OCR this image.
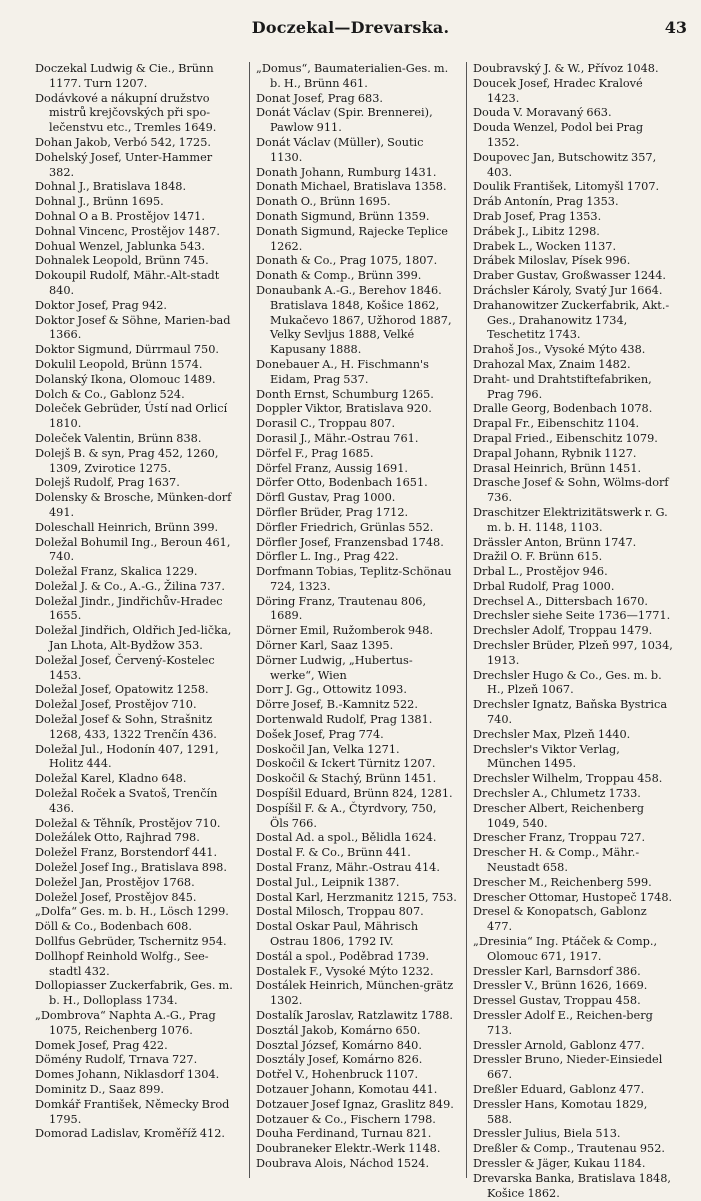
Doczekal—Drevarska.	43

Doczekal Ludwig & Cie., Brünn 1177. Turn 1207.

Dodávkové a nákupní družstvo mistrů krejčovských při spo-lečenstvu etc., Tremles 1649.

Dohan Jakob, Verbó 542, 1725.

Dohelský Josef, Unter-Hammer 382.

Dohnal J., Bratislava 1848.

Dohnal J., Brünn 1695.

Dohnal O a B. Prostějov 1471.

Dohnal Vincenc, Prostějov 1487.

Dohual Wenzel, Jablunka 543.

Dohnalek Leopold, Brünn 745.

Dokoupil Rudolf, Mähr.-Alt-stadt 840.

Doktor Josef, Prag 942.

Doktor Josef & Söhne, Marien-bad 1366.

Doktor Sigmund, Dürrmaul 750.

Dokulil Leopold, Brünn 1574.

Dolanský Ikona, Olomouc 1489.

Dolch & Co., Gablonz 524.

Doleček Gebrüder, Ústí nad Orlicí 1810.

Doleček Valentin, Brünn 838.

Dolejš B. & syn, Prag 452, 1260, 1309, Zvirotice 1275.

Dolejš Rudolf, Prag 1637.

Dolensky & Brosche, Münken-dorf 491.

Doleschall Heinrich, Brünn 399.

Doležal Bohumil Ing., Beroun 461, 740.

Doležal Franz, Skalica 1229.

Doležal J. & Co., A.-G., Žilina 737.

Doležal Jindr., Jindřichův-Hradec 1655.

Doležal Jindřich, Oldřich Jed-lička, Jan Lhota, Alt-Bydžow 353.

Doležal Josef, Červený-Kostelec 1453.

Doležal Josef, Opatowitz 1258.

Doležal Josef, Prostějov 710.

Doležal Josef & Sohn, Strašnitz 1268, 433, 1322 Trenčín 436.

Doležal Jul., Hodonín 407, 1291, Holitz 444.

Doležal Karel, Kladno 648.

Doležal Roček a Svatoš, Trenčín 436.

Doležal & Těhník, Prostějov 710.

Doležálek Otto, Rajhrad 798.

Doležel Franz, Borstendorf 441.

Doležel Josef Ing., Bratislava 898.

Doležel Jan, Prostějov 1768.

Doležel Josef, Prostějov 845.

„Dolfa“ Ges. m. b. H., Lösch 1299.

Döll & Co., Bodenbach 608.

Dollfus Gebrüder, Tschernitz 954.

Dollhopf Reinhold Wolfg., See-stadtl 432.

Dollopiasser Zuckerfabrik, Ges. m. b. H., Dolloplass 1734.

„Dombrova“ Naphta A.-G., Prag 1075, Reichenberg 1076.

Domek Josef, Prag 422.

Dömény Rudolf, Trnava 727.

Domes Johann, Niklasdorf 1304.

Dominitz D., Saaz 899.

Domkář František, Německy Brod 1795.

Domorad Ladislav, Kroměříž 412.

„Domus“, Baumaterialien-Ges. m. b. H., Brünn 461.

Donat Josef, Prag 683.

Donát Václav (Spir. Brennerei), Pawlow 911.

Donát Václav (Müller), Soutic 1130.

Donath Johann, Rumburg 1431.

Donath Michael, Bratislava 1358.

Donath O., Brünn 1695.

Donath Sigmund, Brünn 1359.

Donath Sigmund, Rajecke Teplice 1262.

Donath & Co., Prag 1075, 1807.

Donath & Comp., Brünn 399.

Donaubank A.-G., Berehov 1846. Bratislava 1848, Košice 1862, Mukačevo 1867, Užhorod 1887, Velky Sevljus 1888, Velké Kapusany 1888.

Donebauer A., H. Fischmann's Eidam, Prag 537.

Donth Ernst, Schumburg 1265.

Doppler Viktor, Bratislava 920.

Dorasil C., Troppau 807.

Dorasil J., Mähr.-Ostrau 761.

Dörfel F., Prag 1685.

Dörfel Franz, Aussig 1691.

Dörfer Otto, Bodenbach 1651.

Dörfl Gustav, Prag 1000.

Dörfler Brüder, Prag 1712.

Dörfler Friedrich, Grünlas 552.

Dörfler Josef, Franzensbad 1748.

Dörfler L. Ing., Prag 422.

Dorfmann Tobias, Teplitz-Schönau 724, 1323.

Döring Franz, Trautenau 806, 1689.

Dörner Emil, Ružomberok 948.

Dörner Karl, Saaz 1395.

Dörner Ludwig, „Hubertus-werke“, Wien

Dorr J. Gg., Ottowitz 1093.

Dörre Josef, B.-Kamnitz 522.

Dortenwald Rudolf, Prag 1381.

Došek Josef, Prag 774.

Doskočil Jan, Velka 1271.

Doskočil & Ickert Türnitz 1207.

Doskočil & Stachý, Brünn 1451.

Dospíšil Eduard, Brünn 824, 1281.

Dospíšil F. & A., Čtyrdvory, 750, Öls 766.

Dostal Ad. a spol., Bělidla 1624.

Dostal F. & Co., Brünn 441.

Dostal Franz, Mähr.-Ostrau 414.

Dostal Jul., Leipnik 1387.

Dostal Karl, Herzmanitz 1215, 753.

Dostal Milosch, Troppau 807.

Dostal Oskar Paul, Mährisch Ostrau 1806, 1792 IV.

Dostál a spol., Poděbrad 1739.

Dostalek F., Vysoké Mýto 1232.

Dostálek Heinrich, München-grätz 1302.

Dostalík Jaroslav, Ratzlawitz 1788.

Dosztál Jakob, Komárno 650.

Dosztal József, Komárno 840.

Dosztály Josef, Komárno 826.

Dotřel V., Hohenbruck 1107.

Dotzauer Johann, Komotau 441.

Dotzauer Josef Ignaz, Graslitz 849.

Dotzauer & Co., Fischern 1798.

Douha Ferdinand, Turnau 821.

Doubraneker Elektr.-Werk 1148.

Doubrava Alois, Náchod 1524.

Doubravský J. & W., Přívoz 1048.

Doucek Josef, Hradec Kralové 1423.

Douda V. Moravaný 663.

Douda Wenzel, Podol bei Prag 1352.

Doupovec Jan, Butschowitz 357, 403.

Doulik František, Litomyšl 1707.

Dráb Antonín, Prag 1353.

Drab Josef, Prag 1353.

Drábek J., Libitz 1298.

Drabek L., Wocken 1137.

Drábek Miloslav, Písek 996.

Draber Gustav, Großwasser 1244.

Dráchsler Károly, Svatý Jur 1664.

Drahanowitzer Zuckerfabrik, Akt.-Ges., Drahanowitz 1734, Teschetitz 1743.

Drahoš Jos., Vysoké Mýto 438.

Drahozal Max, Znaim 1482.

Draht- und Drahtstiftefabriken, Prag 796.

Dralle Georg, Bodenbach 1078.

Drapal Fr., Eibenschitz 1104.

Drapal Fried., Eibenschitz 1079.

Drapal Johann, Rybnik 1127.

Drasal Heinrich, Brünn 1451.

Drasche Josef & Sohn, Wölms-dorf 736.

Draschitzer Elektrizitätswerk r. G. m. b. H. 1148, 1103.

Drässler Anton, Brünn 1747.

Dražil O. F. Brünn 615.

Drbal L., Prostějov 946.

Drbal Rudolf, Prag 1000.

Drechsel A., Dittersbach 1670.

Drechsler siehe Seite 1736—1771.

Drechsler Adolf, Troppau 1479.

Drechsler Brüder, Plzeň 997, 1034, 1913.

Drechsler Hugo & Co., Ges. m. b. H., Plzeň 1067.

Drechsler Ignatz, Baňska Bystrica 740.

Drechsler Max, Plzeň 1440.

Drechsler's Viktor Verlag, München 1495.

Drechsler Wilhelm, Troppau 458.

Drechsler A., Chlumetz 1733.

Drescher Albert, Reichenberg 1049, 540.

Drescher Franz, Troppau 727.

Drescher H. & Comp., Mähr.-Neustadt 658.

Drescher M., Reichenberg 599.

Drescher Ottomar, Hustopeč 1748.

Dresel & Konopatsch, Gablonz 477.

„Dresinia“ Ing. Ptáček & Comp., Olomouc 671, 1917.

Dressler Karl, Barnsdorf 386.

Dressler V., Brünn 1626, 1669.

Dressel Gustav, Troppau 458.

Dressler Adolf E., Reichen-berg 713.

Dressler Arnold, Gablonz 477.

Dressler Bruno, Nieder-Einsiedel 667.

Dreßler Eduard, Gablonz 477.

Dressler Hans, Komotau 1829, 588.

Dressler Julius, Biela 513.

Dreßler & Comp., Trautenau 952.

Dressler & Jäger, Kukau 1184.

Drevarska Banka, Bratislava 1848, Košice 1862.
